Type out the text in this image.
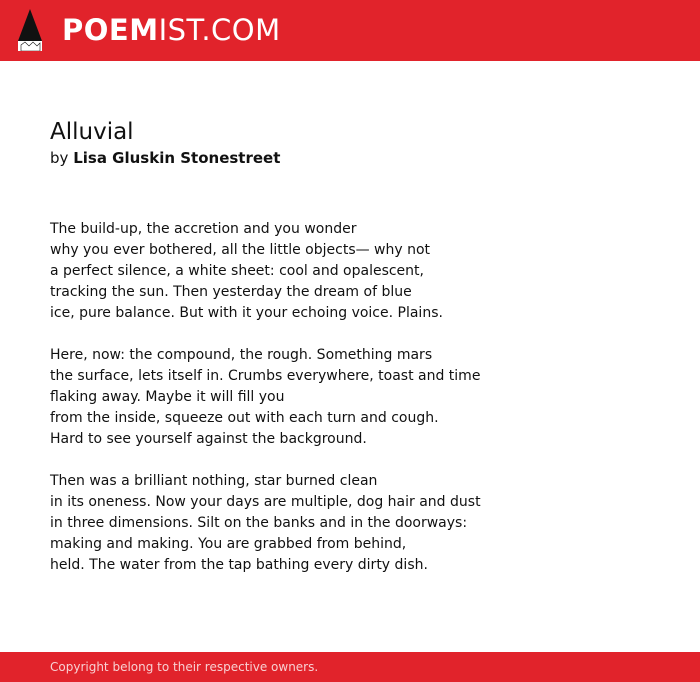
POEMIST.COM
Alluvial

by Lisa Gluskin Stonestreet

The build-up, the accretion and you wonder
why you ever bothered, all the little objects— why not
a perfect silence, a white sheet: cool and opalescent,
tracking the sun. Then yesterday the dream of blue
ice, pure balance. But with it your echoing voice. Plains.
Here, now: the compound, the rough. Something mars
the surface, lets itself in. Crumbs everywhere, toast and time
flaking away. Maybe it will fill you
from the inside, squeeze out with each turn and cough.
Hard to see yourself against the background.
Then was a brilliant nothing, star burned clean
in its oneness. Now your days are multiple, dog hair and dust
in three dimensions. Silt on the banks and in the doorways:
making and making. You are grabbed from behind,
held. The water from the tap bathing every dirty dish.
Copyright belong to their respective owners.
